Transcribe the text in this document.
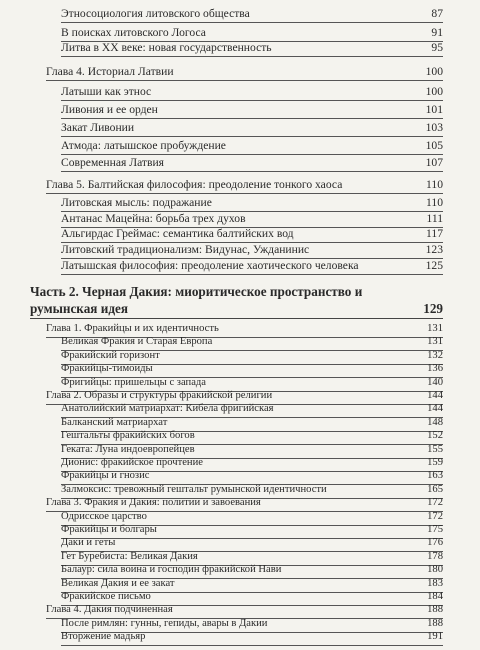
Этносоциология литовского общества	87
В поисках литовского Логоса	91
Литва в XX веке: новая государственность	95
Глава 4. Историал Латвии	100
Латыши как этнос	100
Ливония и ее орден	101
Закат Ливонии	103
Атмода: латышское пробуждение	105
Современная Латвия	107
Глава 5. Балтийская философия: преодоление тонкого хаоса	110
Литовская мысль: подражание	110
Антанас Мацейна: борьба трех духов	111
Альгирдас Греймас: семантика балтийских вод	117
Литовский традиционализм: Видунас, Ужданинис	123
Латышская философия: преодоление хаотического человека	125
Часть 2. Черная Дакия: миоритическое пространство и румынская идея	129
Глава 1. Фракийцы и их идентичность	131
Великая Фракия и Старая Европа	131
Фракийский горизонт	132
Фракийцы-тимоиды	136
Фригийцы: пришельцы с запада	140
Глава 2. Образы и структуры фракийской религии	144
Анатолийский матриархат: Кибела фригийская	144
Балканский матриархат	148
Гештальты фракийских богов	152
Геката: Луна индоевропейцев	155
Дионис: фракийское прочтение	159
Фракийцы и гнозис	163
Залмоксис: тревожный гештальт румынской идентичности	165
Глава 3. Фракия и Дакия: политии и завоевания	172
Одрисское царство	172
Фракийцы и болгары	175
Даки и геты	176
Гет Буребиста: Великая Дакия	178
Балаур: сила воина и господин фракийской Нави	180
Великая Дакия и ее закат	183
Фракийское письмо	184
Глава 4. Дакия подчиненная	188
После римлян: гунны, гепиды, авары в Дакии	188
Вторжение мадьяр	191
